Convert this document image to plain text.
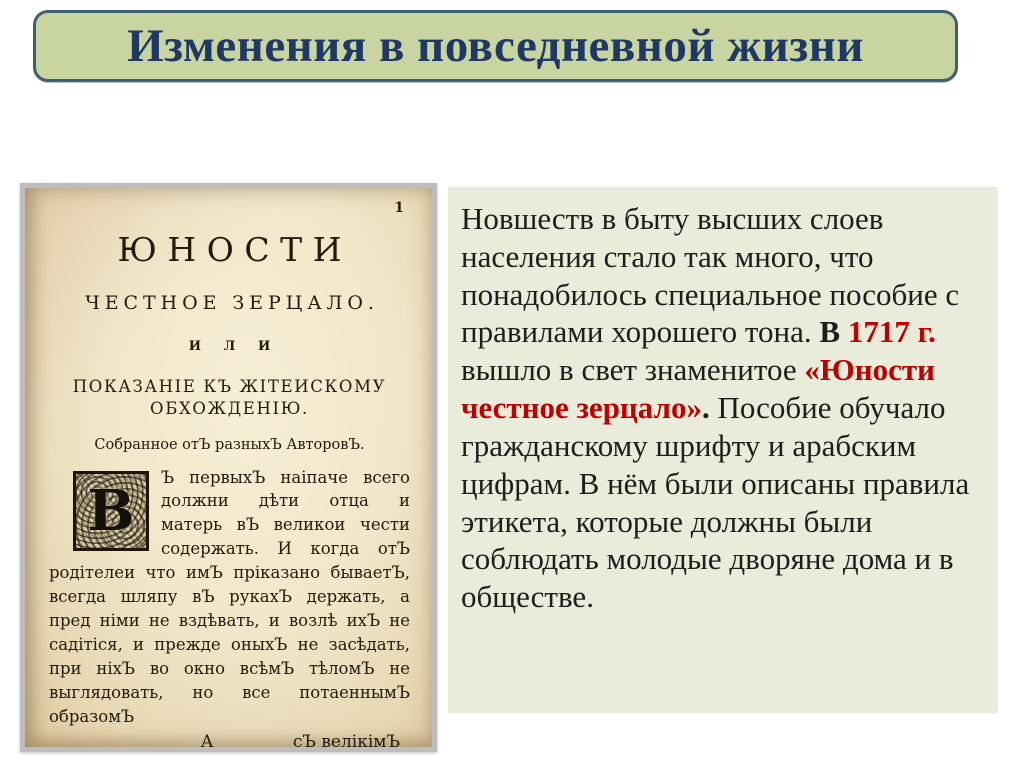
Изменения в повседневной жизни
1
ЮНОСТИ
ЧЕСТНОЕ ЗЕРЦАЛО.
И Л И
ПОКАЗАНІЕ КЪ ЖІТЕИСКОМУ
ОБХОЖДЕНІЮ.
Собранное отЪ разныхЪ АвторовЪ.
В
Ъ первыхЪ наіпаче всего должни дѣти отца и матерь вЪ великои чести содержать. И когда отЪ родітелеи что имЪ пріказано бываетЪ, всегда шляпу вЪ рукахЪ держать, а пред німи не вздѣвать, и возлѣ ихЪ не садітіся, и прежде оныхЪ не засѣдать, при ніхЪ во окно всѣмЪ тѣломЪ не выглядовать, но все потаеннымЪ образомЪ
А	сЪ велікімЪ

Новшеств в быту высших слоев населения стало так много, что понадобилось специальное пособие с правилами хорошего тона. В 1717 г. вышло в свет знаменитое «Юности честное зерцало». Пособие обучало гражданскому шрифту и арабским цифрам. В нём были описаны правила этикета, которые должны были соблюдать молодые дворяне дома и в обществе.
